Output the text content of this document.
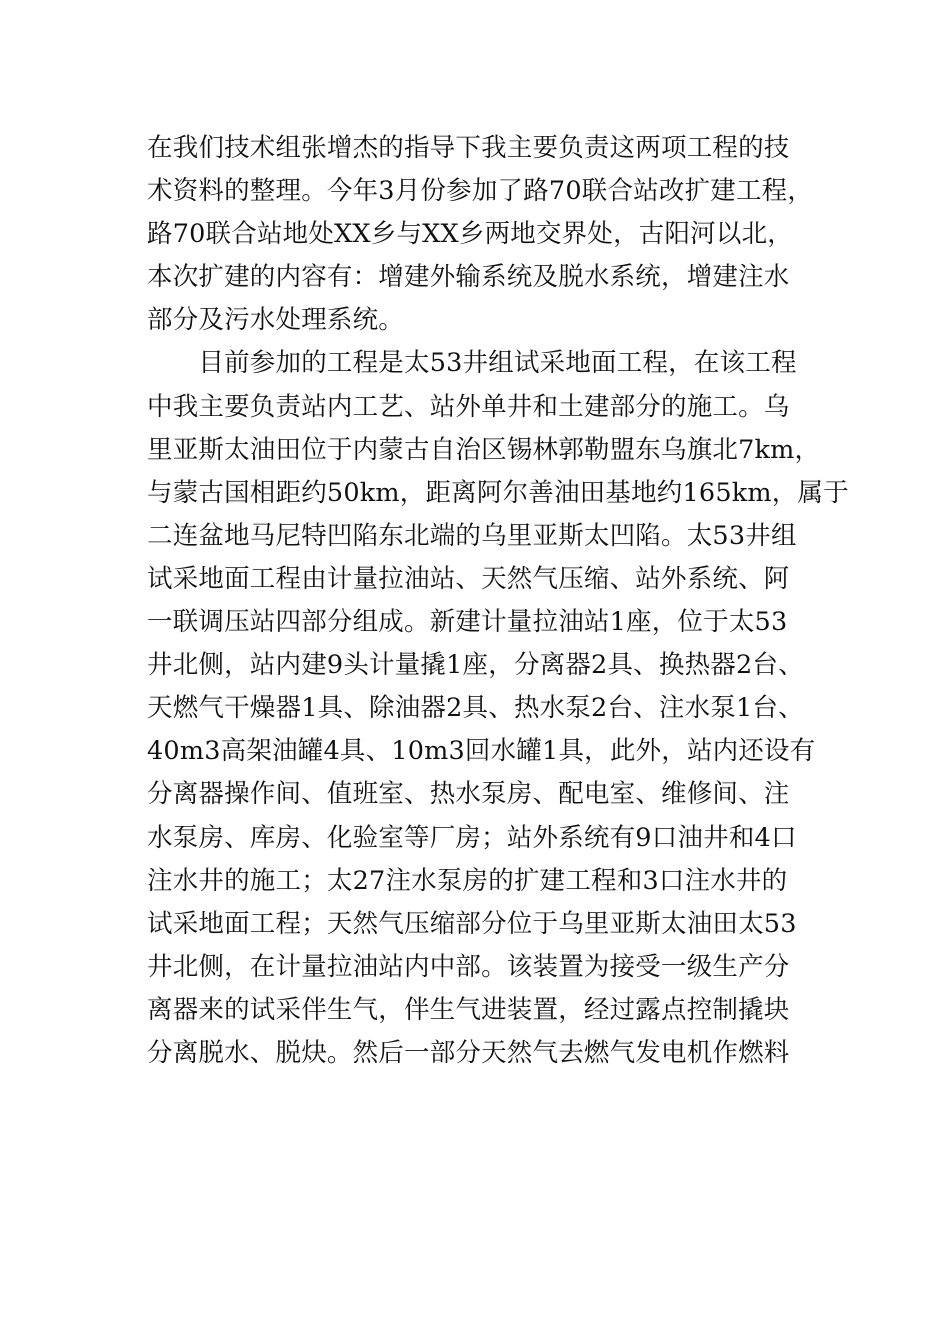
在我们技术组张增杰的指导下我主要负责这两项工程的技
术资料的整理。今年3月份参加了路70联合站改扩建工程，
路70联合站地处XX乡与XX乡两地交界处，古阳河以北，
本次扩建的内容有：增建外输系统及脱水系统，增建注水
部分及污水处理系统。
　　目前参加的工程是太53井组试采地面工程，在该工程
中我主要负责站内工艺、站外单井和土建部分的施工。乌
里亚斯太油田位于内蒙古自治区锡林郭勒盟东乌旗北7km，
与蒙古国相距约50km，距离阿尔善油田基地约165km，属于
二连盆地马尼特凹陷东北端的乌里亚斯太凹陷。太53井组
试采地面工程由计量拉油站、天然气压缩、站外系统、阿
一联调压站四部分组成。新建计量拉油站1座，位于太53
井北侧，站内建9头计量撬1座，分离器2具、换热器2台、
天燃气干燥器1具、除油器2具、热水泵2台、注水泵1台、
40m3高架油罐4具、10m3回水罐1具，此外，站内还设有
分离器操作间、值班室、热水泵房、配电室、维修间、注
水泵房、库房、化验室等厂房；站外系统有9口油井和4口
注水井的施工；太27注水泵房的扩建工程和3口注水井的
试采地面工程；天然气压缩部分位于乌里亚斯太油田太53
井北侧，在计量拉油站内中部。该装置为接受一级生产分
离器来的试采伴生气，伴生气进装置，经过露点控制撬块
分离脱水、脱炔。然后一部分天然气去燃气发电机作燃料
